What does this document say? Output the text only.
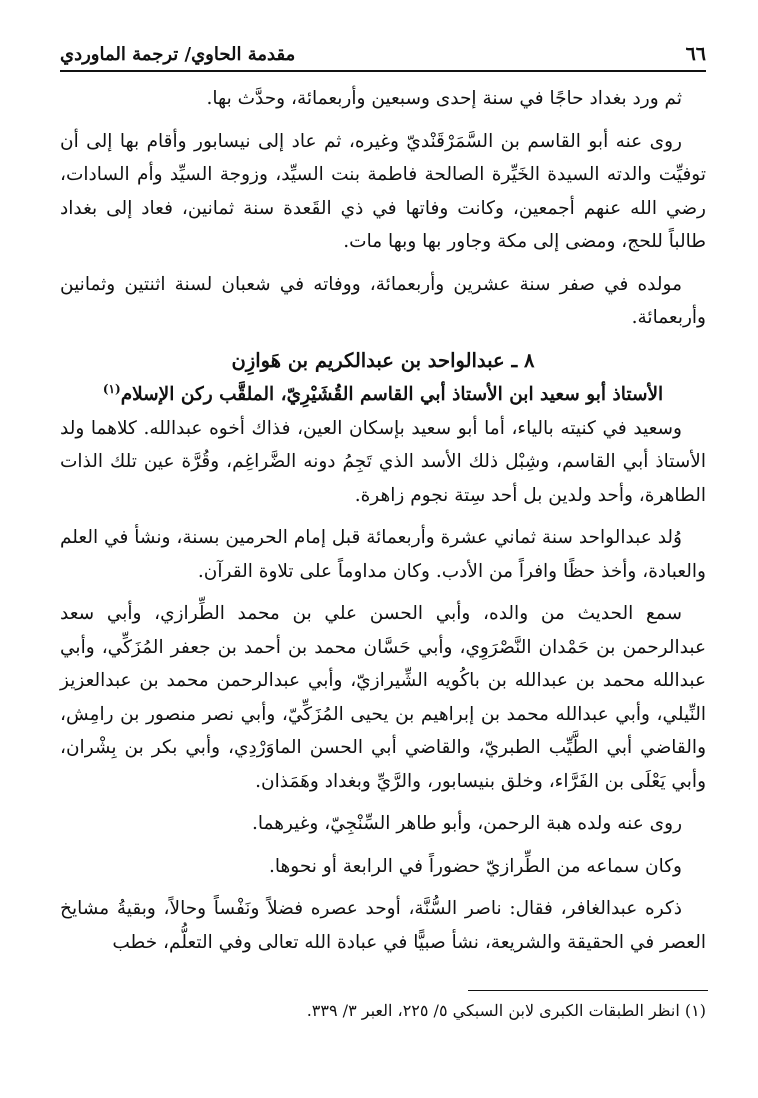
٦٦
مقدمة الحاوي/ ترجمة الماوردي

ثم ورد بغداد حاجًا في سنة إحدى وسبعين وأربعمائة، وحدَّث بها.

روى عنه أبو القاسم بن السَّمَرْقَنْديّ وغيره، ثم عاد إلى نيسابور وأقام بها إلى أن توفيِّت والدته السيدة الخَيِّرة الصالحة فاطمة بنت السيِّد، وزوجة السيِّد وأم السادات، رضي الله عنهم أجمعين، وكانت وفاتها في ذي القَعدة سنة ثمانين، فعاد إلى بغداد طالباً للحج، ومضى إلى مكة وجاور بها وبها مات.

مولده في صفر سنة عشرين وأربعمائة، ووفاته في شعبان لسنة اثنتين وثمانين وأربعمائة.

٨ ـ عبدالواحد بن عبدالكريم بن هَوازِن
الأستاذ أبو سعيد ابن الأستاذ أبي القاسم القُشَيْرِيّ، الملقَّب ركن الإسلام$^{(١)}$

وسعيد في كنيته بالياء، أما أبو سعيد بإسكان العين، فذاك أخوه عبدالله. كلاهما ولد الأستاذ أبي القاسم، وشِبْل ذلك الأسد الذي تَجِمُ دونه الضَّراغِم، وقُرَّة عين تلك الذات الطاهرة، وأحد ولدين بل أحد سِتة نجوم زاهرة.

وُلد عبدالواحد سنة ثماني عشرة وأربعمائة قبل إمام الحرمين بسنة، ونشأ في العلم والعبادة، وأخذ حظًا وافراً من الأدب. وكان مداوماً على تلاوة القرآن.

سمع الحديث من والده، وأبي الحسن علي بن محمد الطِّرازي، وأبي سعد عبدالرحمن بن حَمْدان النَّصْرَوِي، وأبي حَسَّان محمد بن أحمد بن جعفر المُزَكِّي، وأبي عبدالله محمد بن عبدالله بن باكُويه الشِّيرازيّ، وأبي عبدالرحمن محمد بن عبدالعزيز النِّيلي، وأبي عبدالله محمد بن إبراهيم بن يحيى المُزَكِّيّ، وأبي نصر منصور بن رامِش، والقاضي أبي الطَّيِّب الطبريّ، والقاضي أبي الحسن الماوَرْدِي، وأبي بكر بن بِشْران، وأبي يَعْلَى بن الفَرَّاء، وخلق بنيسابور، والرَّيِّ وبغداد وهَمَذان.

روى عنه ولده هبة الرحمن، وأبو طاهر السِّنْجِيّ، وغيرهما.

وكان سماعه من الطِّرازيّ حضوراً في الرابعة أو نحوها.

ذكره عبدالغافر، فقال: ناصر السُّنَّة، أوحد عصره فضلاً ونَفْساً وحالاً، وبقيةُ مشايخ العصر في الحقيقة والشريعة، نشأ صبيًّا في عبادة الله تعالى وفي التعلُّم، خطب

(١) انظر الطبقات الكبرى لابن السبكي ٥/ ٢٢٥، العبر ٣/ ٣٣٩.
